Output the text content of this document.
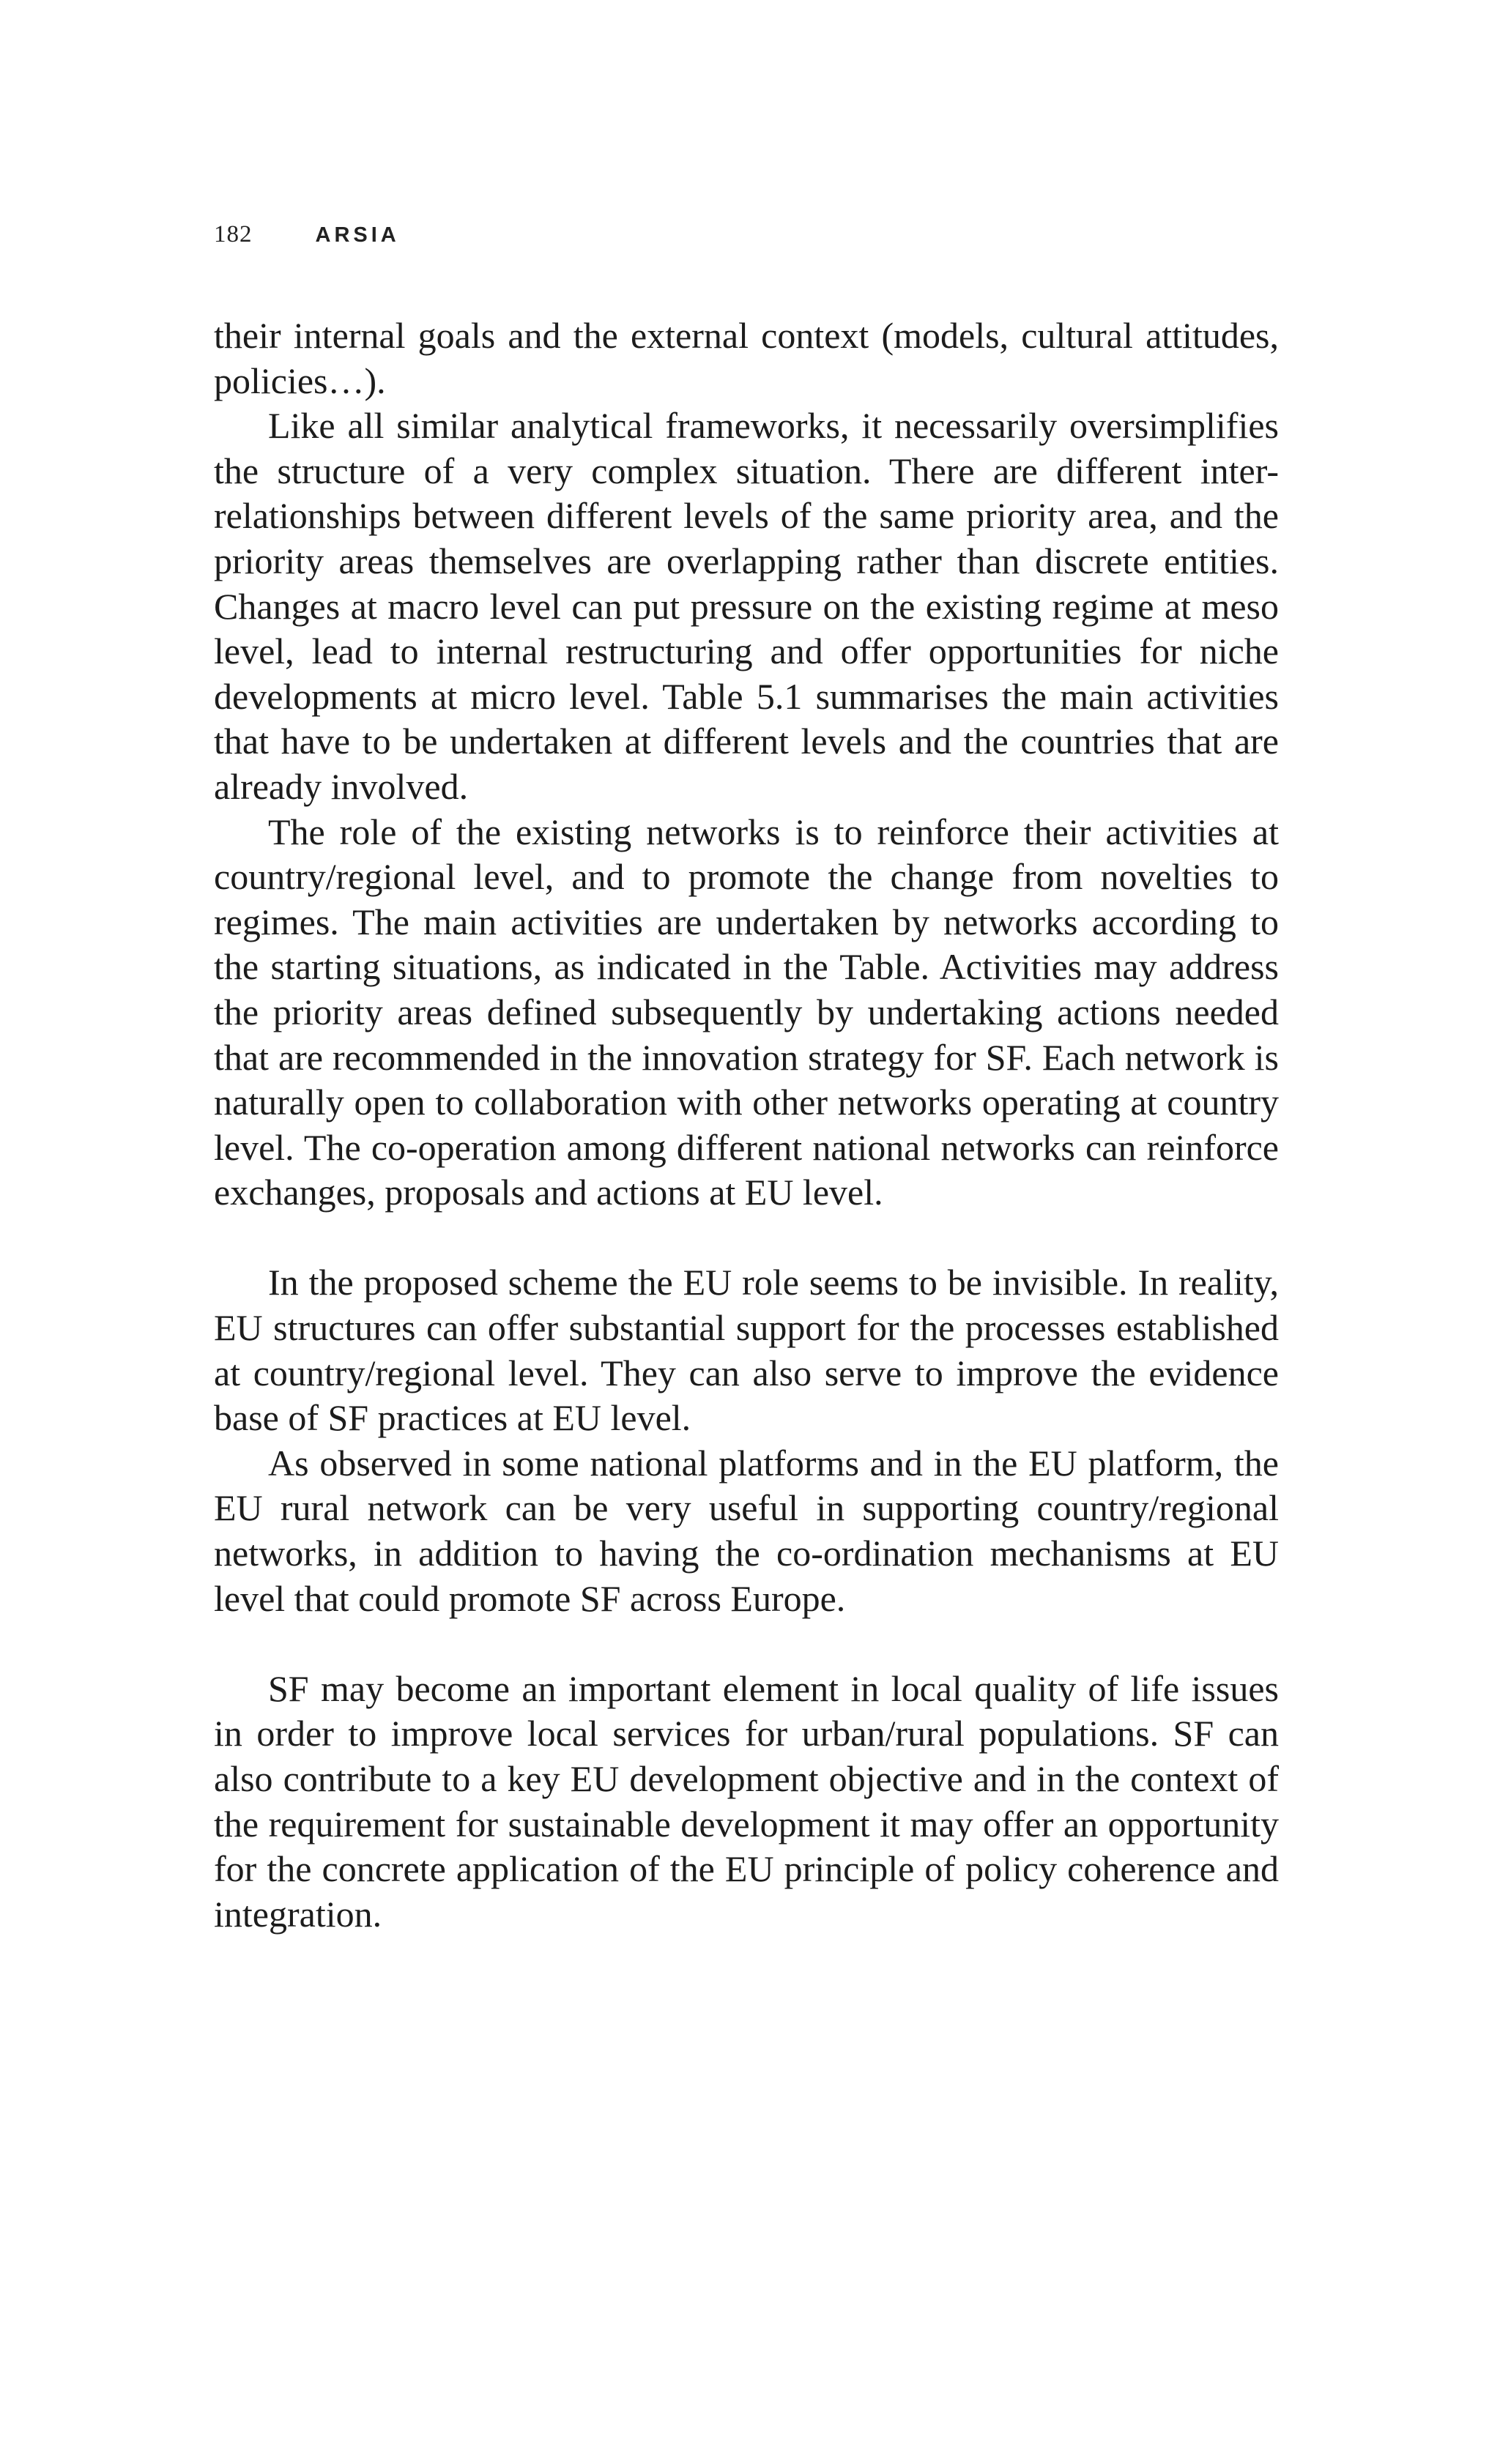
182	ARSIA

their internal goals and the external context (models, cultural attitudes, policies…).

Like all similar analytical frameworks, it necessarily oversimplifies the structure of a very complex situation. There are different inter-relationships between different levels of the same priority area, and the priority areas themselves are overlapping rather than discrete entities. Changes at macro level can put pressure on the existing regime at meso level, lead to internal restructuring and offer opportunities for niche developments at micro level. Table 5.1 summarises the main activities that have to be undertaken at different levels and the countries that are already involved.

The role of the existing networks is to reinforce their activities at country/regional level, and to promote the change from novelties to regimes. The main activities are undertaken by networks according to the starting situations, as indicated in the Table. Activities may address the priority areas defined subsequently by undertaking actions needed that are recommended in the innovation strategy for SF. Each network is naturally open to collaboration with other networks operating at country level. The co-operation among different national networks can reinforce exchanges, proposals and actions at EU level.

In the proposed scheme the EU role seems to be invisible. In reality, EU structures can offer substantial support for the processes established at country/regional level. They can also serve to improve the evidence base of SF practices at EU level.

As observed in some national platforms and in the EU platform, the EU rural network can be very useful in supporting country/regional networks, in addition to having the co-ordination mechanisms at EU level that could promote SF across Europe.

SF may become an important element in local quality of life issues in order to improve local services for urban/rural populations. SF can also contribute to a key EU development objective and in the context of the requirement for sustainable development it may offer an opportunity for the concrete application of the EU principle of policy coherence and integration.
